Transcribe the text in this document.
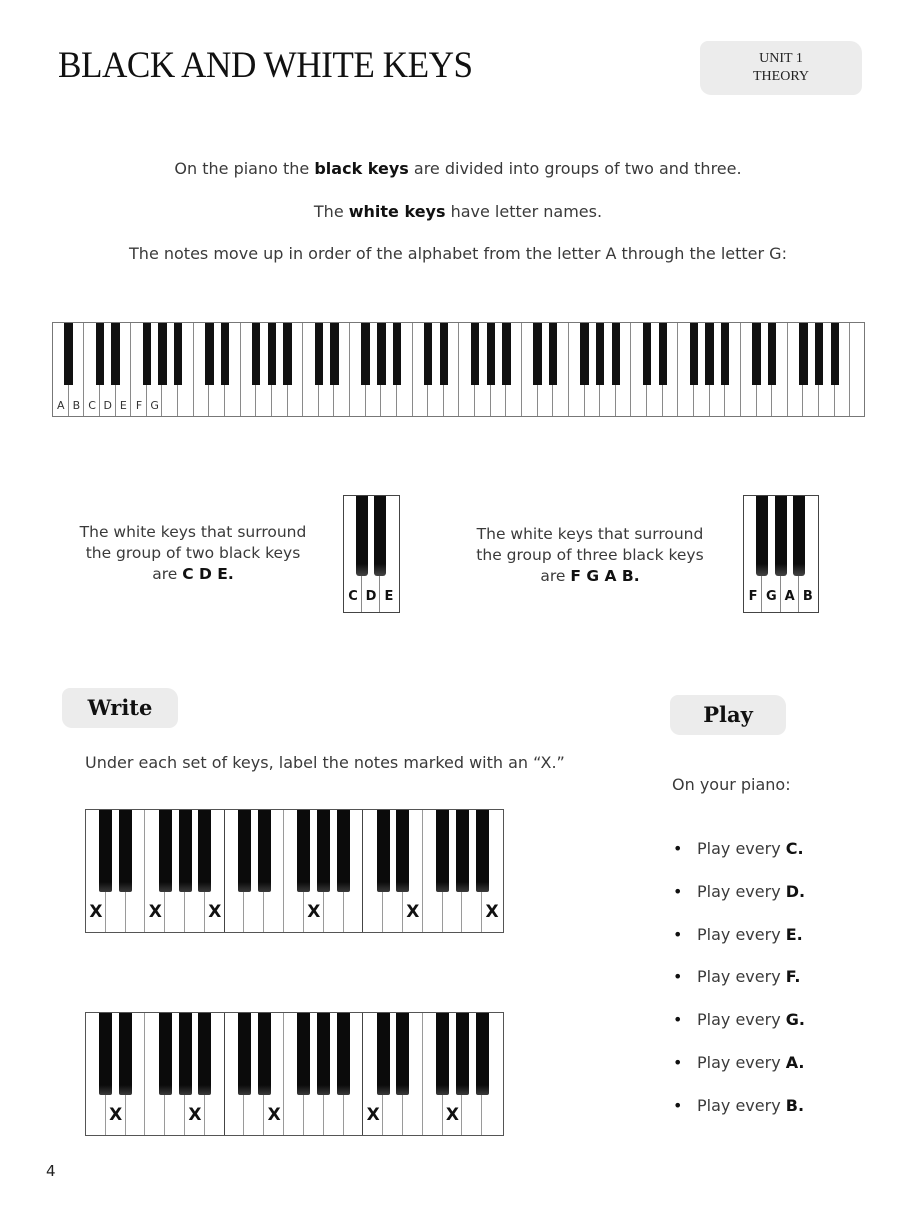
BLACK AND WHITE KEYS	UNIT 1
THEORY
On the piano the black keys are divided into groups of two and three.
The white keys have letter names.
The notes move up in order of the alphabet from the letter A through the letter G:
A B C D E F G
The white keys that surround
the group of two black keys
are C D E.
C D E
The white keys that surround
the group of three black keys
are F G A B.
F G A B
Write
Under each set of keys, label the notes marked with an “X.”
X	X	X	X	X	X
X	X	X	X	X
Play
On your piano:
• Play every C.
• Play every D.
• Play every E.
• Play every F.
• Play every G.
• Play every A.
• Play every B.
4
